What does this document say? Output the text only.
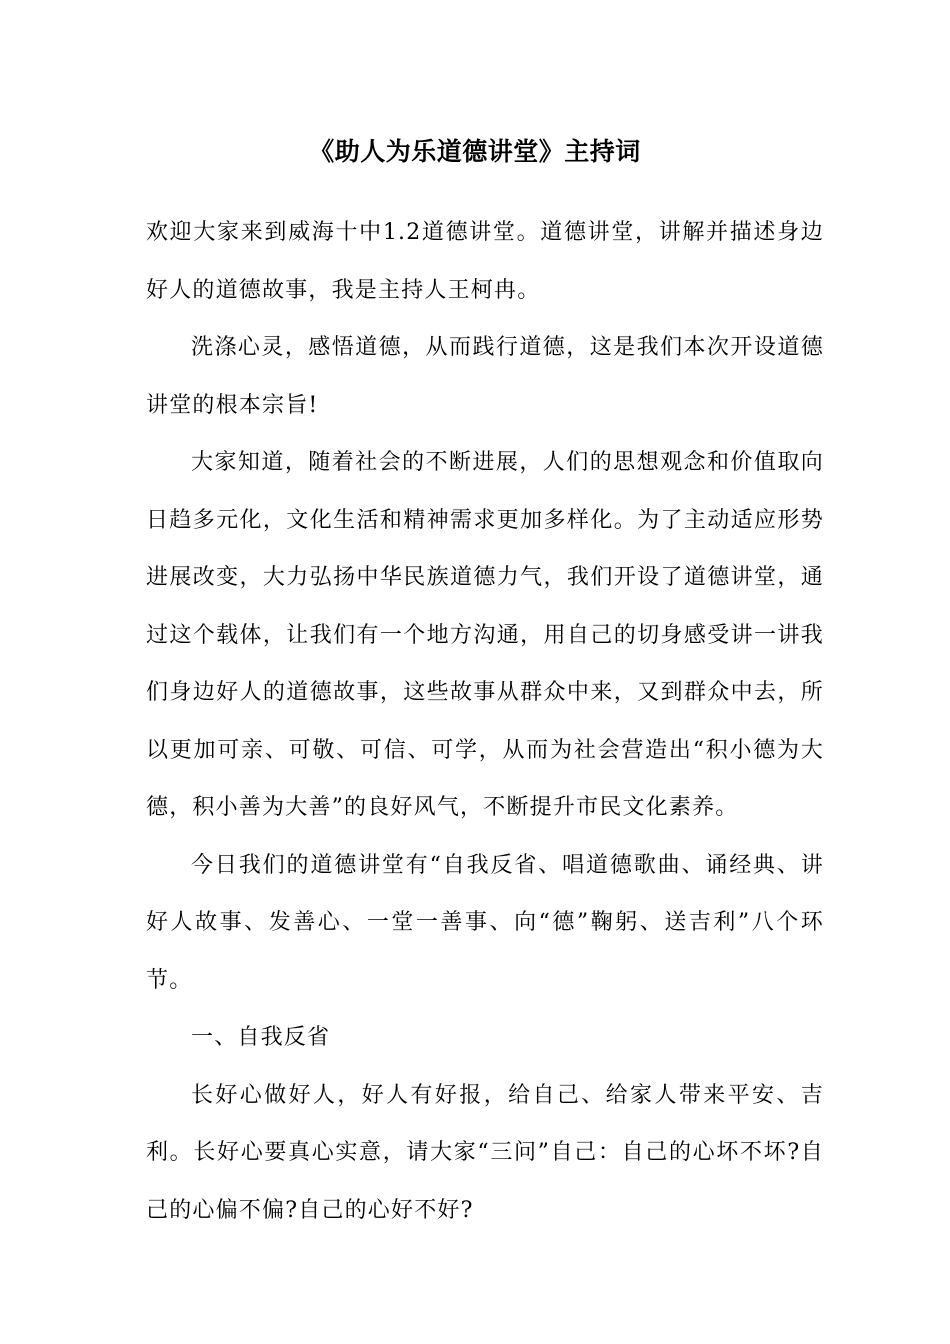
《助人为乐道德讲堂》主持词

欢迎大家来到威海十中1.2道德讲堂。道德讲堂，讲解并描述身边好人的道德故事，我是主持人王柯冉。

洗涤心灵，感悟道德，从而践行道德，这是我们本次开设道德讲堂的根本宗旨!

大家知道，随着社会的不断进展，人们的思想观念和价值取向日趋多元化，文化生活和精神需求更加多样化。为了主动适应形势进展改变，大力弘扬中华民族道德力气，我们开设了道德讲堂，通过这个载体，让我们有一个地方沟通，用自己的切身感受讲一讲我们身边好人的道德故事，这些故事从群众中来，又到群众中去，所以更加可亲、可敬、可信、可学，从而为社会营造出“积小德为大德，积小善为大善”的良好风气，不断提升市民文化素养。

今日我们的道德讲堂有“自我反省、唱道德歌曲、诵经典、讲好人故事、发善心、一堂一善事、向“德”鞠躬、送吉利”八个环节。

一、自我反省

长好心做好人，好人有好报，给自己、给家人带来平安、吉利。长好心要真心实意，请大家“三问”自己：自己的心坏不坏?自己的心偏不偏?自己的心好不好?
